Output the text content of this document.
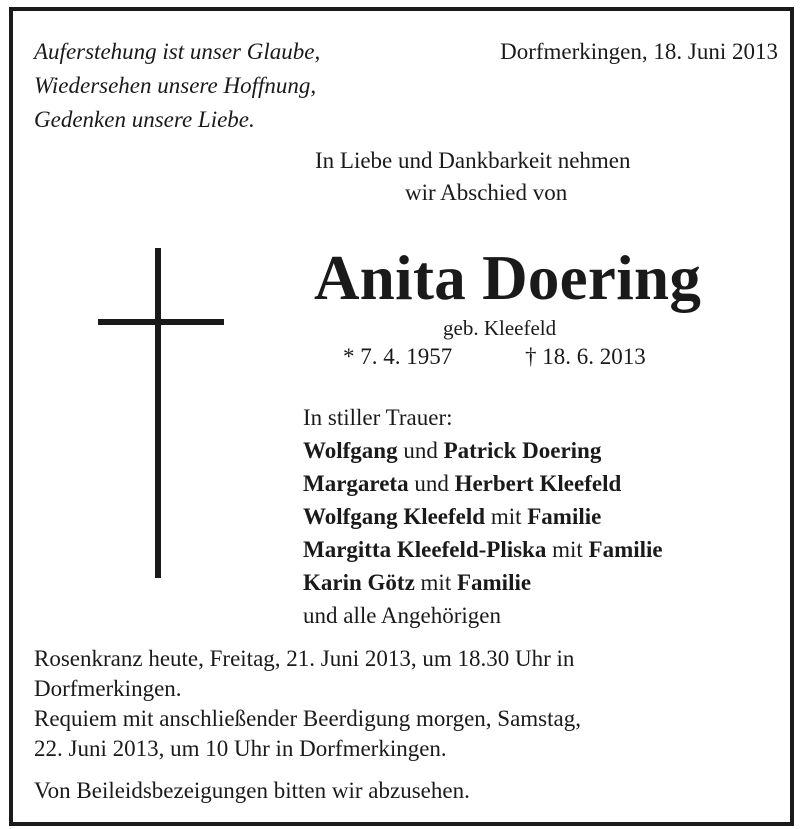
Auferstehung ist unser Glaube,
Wiedersehen unsere Hoffnung,
Gedenken unsere Liebe.
Dorfmerkingen, 18. Juni 2013
In Liebe und Dankbarkeit nehmen
wir Abschied von
Anita Doering
geb. Kleefeld
* 7. 4. 1957	† 18. 6. 2013
In stiller Trauer:
Wolfgang und Patrick Doering
Margareta und Herbert Kleefeld
Wolfgang Kleefeld mit Familie
Margitta Kleefeld-Pliska mit Familie
Karin Götz mit Familie
und alle Angehörigen
Rosenkranz heute, Freitag, 21. Juni 2013, um 18.30 Uhr in
Dorfmerkingen.
Requiem mit anschließender Beerdigung morgen, Samstag,
22. Juni 2013, um 10 Uhr in Dorfmerkingen.
Von Beileidsbezeigungen bitten wir abzusehen.
